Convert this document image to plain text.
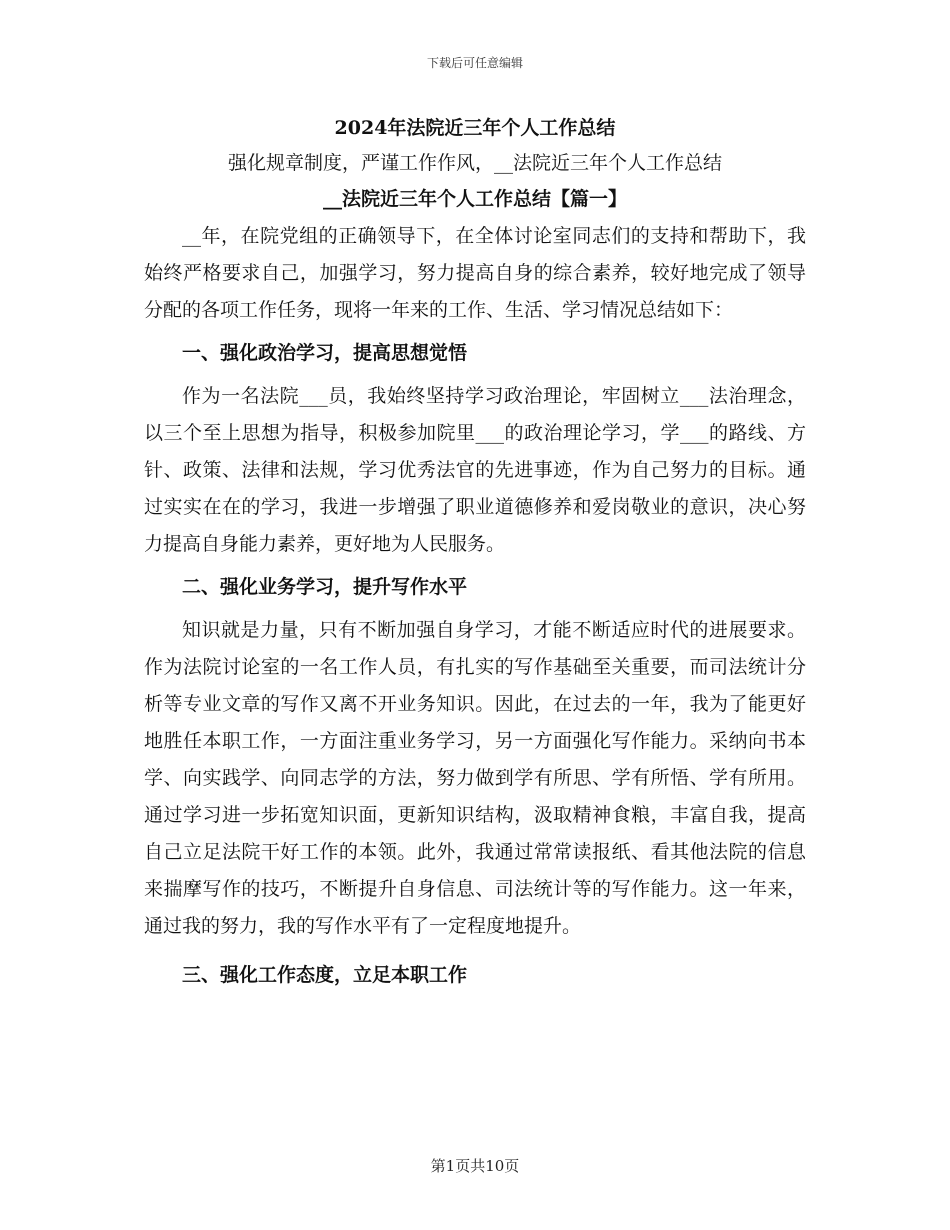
下载后可任意编辑

2024年法院近三年个人工作总结

强化规章制度，严谨工作作风，__法院近三年个人工作总结

__法院近三年个人工作总结【篇一】

__年，在院党组的正确领导下，在全体讨论室同志们的支持和帮助下，我始终严格要求自己，加强学习，努力提高自身的综合素养，较好地完成了领导分配的各项工作任务，现将一年来的工作、生活、学习情况总结如下：

一、强化政治学习，提高思想觉悟

作为一名法院___员，我始终坚持学习政治理论，牢固树立___法治理念，以三个至上思想为指导，积极参加院里___的政治理论学习，学___的路线、方针、政策、法律和法规，学习优秀法官的先进事迹，作为自己努力的目标。通过实实在在的学习，我进一步增强了职业道德修养和爱岗敬业的意识，决心努力提高自身能力素养，更好地为人民服务。

二、强化业务学习，提升写作水平

知识就是力量，只有不断加强自身学习，才能不断适应时代的进展要求。作为法院讨论室的一名工作人员，有扎实的写作基础至关重要，而司法统计分析等专业文章的写作又离不开业务知识。因此，在过去的一年，我为了能更好地胜任本职工作，一方面注重业务学习，另一方面强化写作能力。采纳向书本学、向实践学、向同志学的方法，努力做到学有所思、学有所悟、学有所用。通过学习进一步拓宽知识面，更新知识结构，汲取精神食粮，丰富自我，提高自己立足法院干好工作的本领。此外，我通过常常读报纸、看其他法院的信息来揣摩写作的技巧，不断提升自身信息、司法统计等的写作能力。这一年来，通过我的努力，我的写作水平有了一定程度地提升。

三、强化工作态度，立足本职工作

第1页共10页
